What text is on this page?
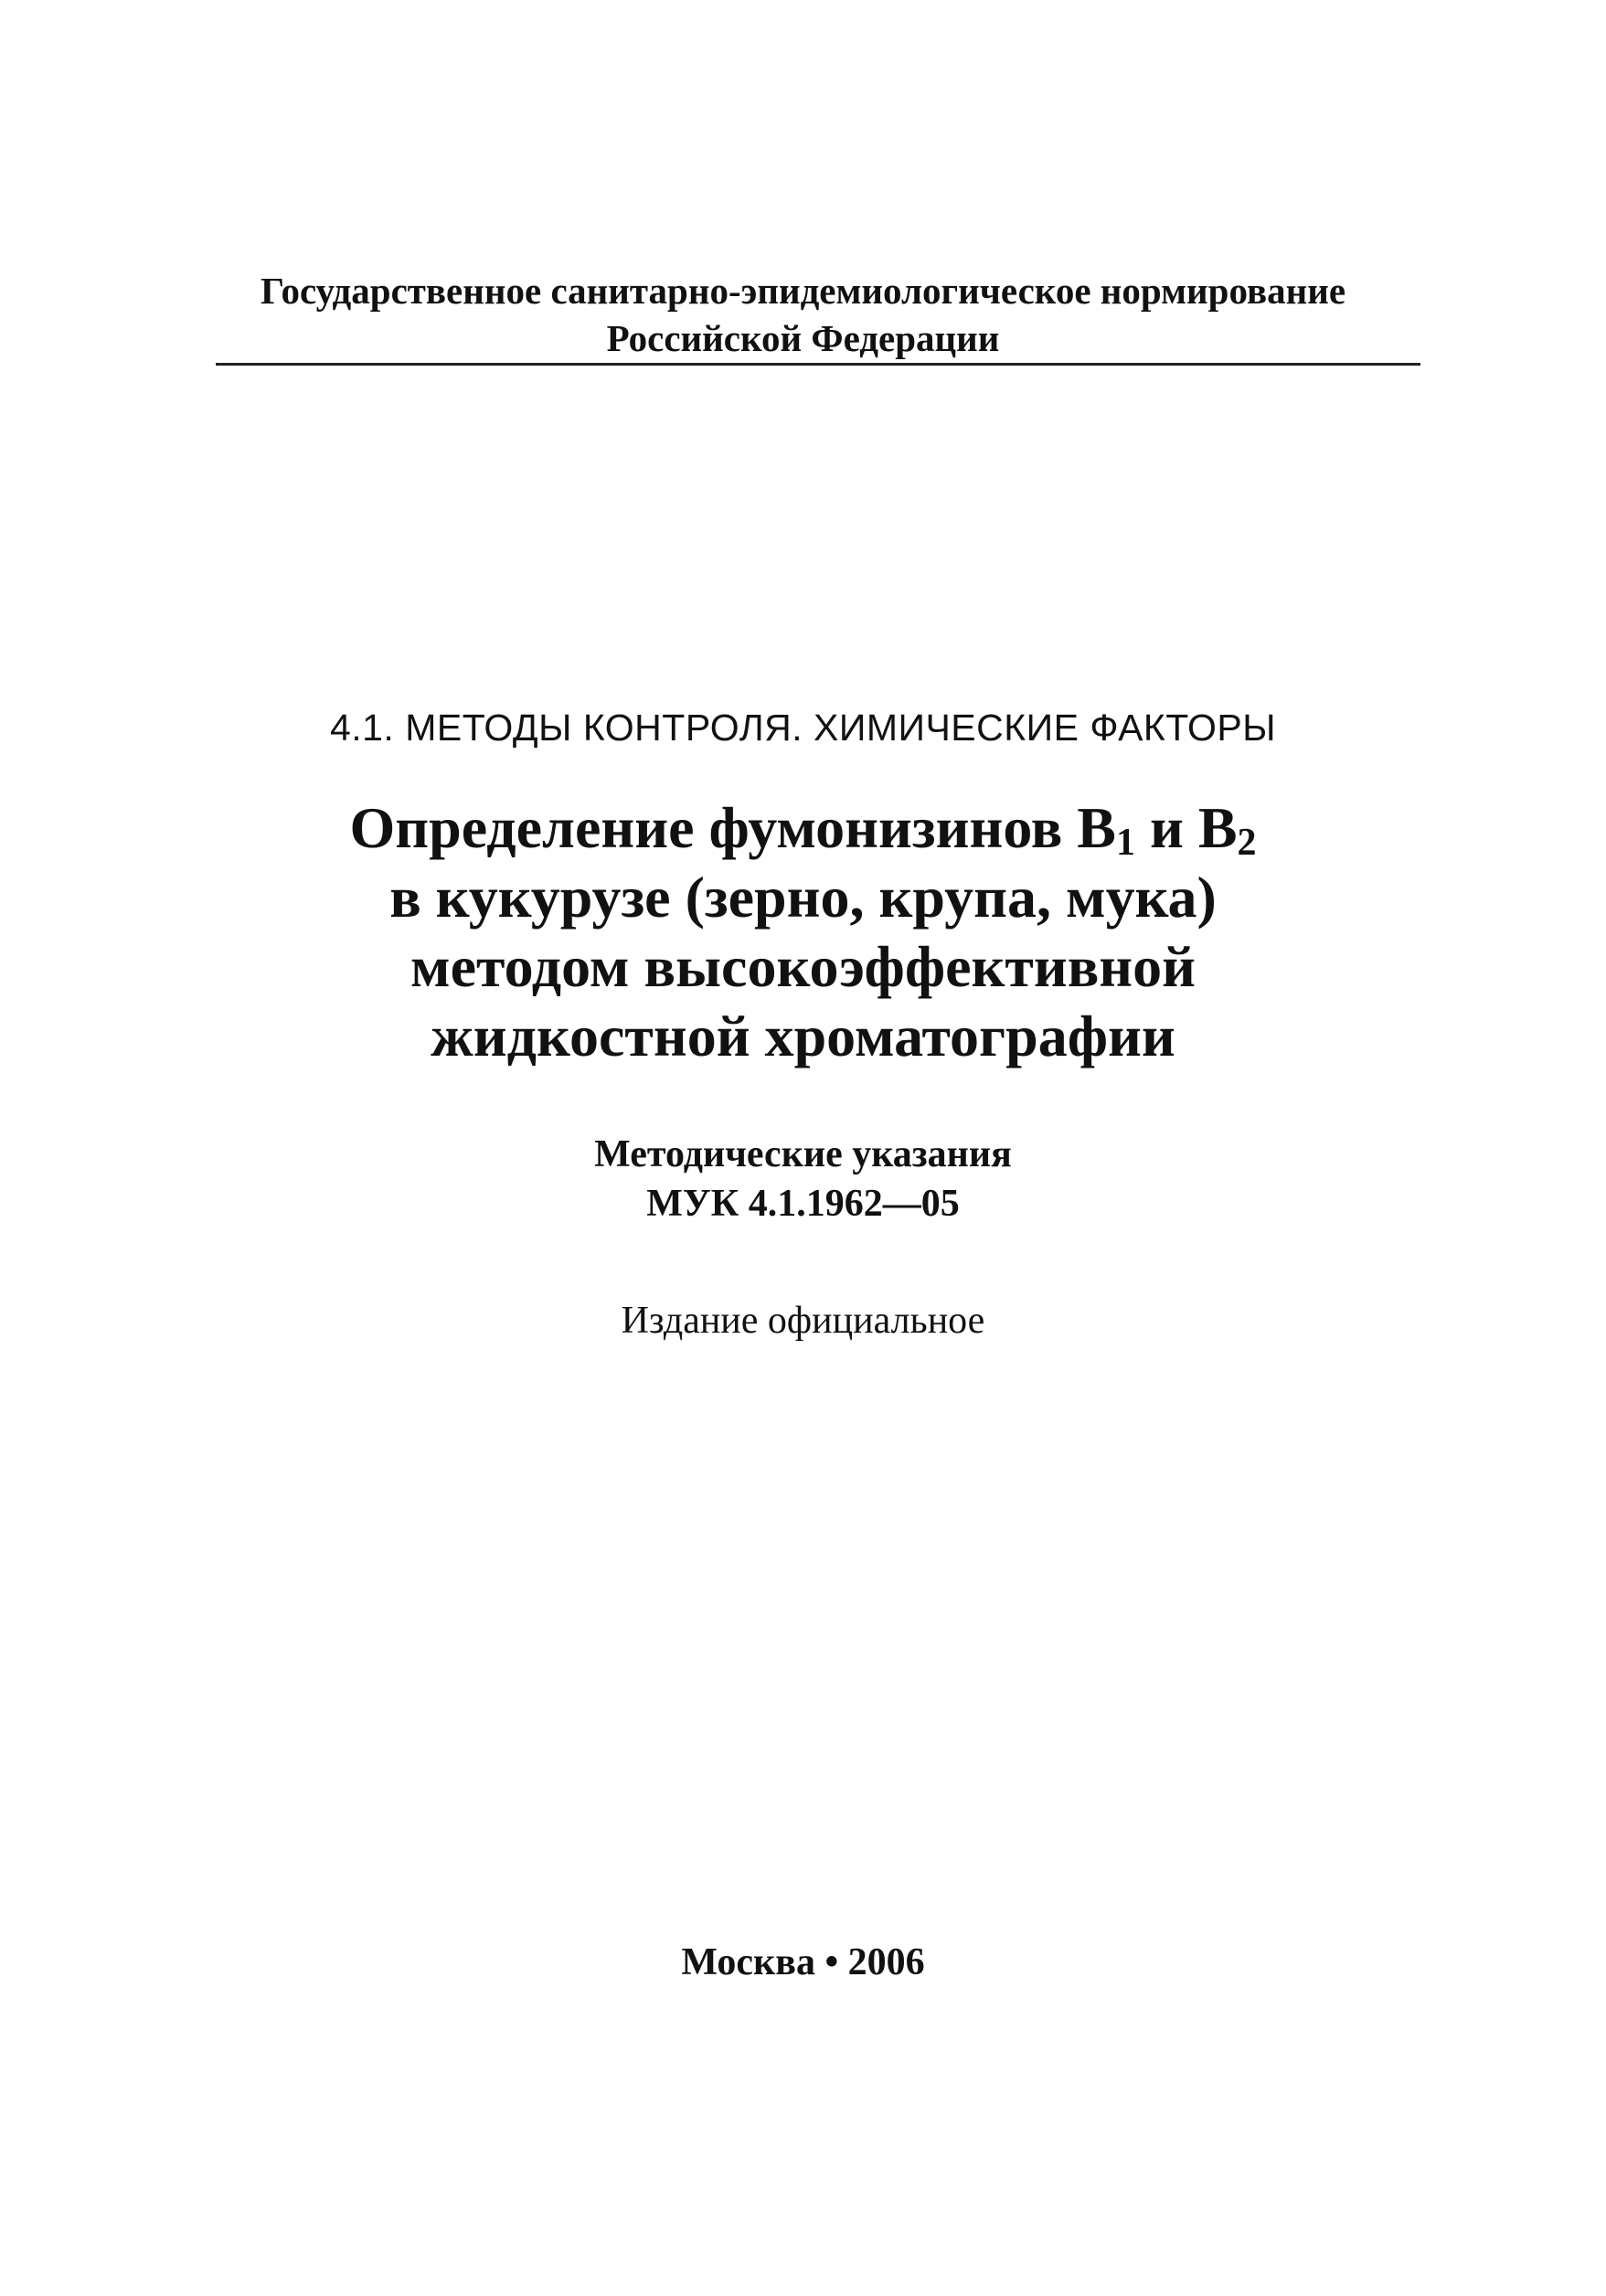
Государственное санитарно-эпидемиологическое нормирование
Российской Федерации
4.1. МЕТОДЫ КОНТРОЛЯ. ХИМИЧЕСКИЕ ФАКТОРЫ
Определение фумонизинов $В_1$ и $В_2$
в кукурузе (зерно, крупа, мука)
методом высокоэффективной
жидкостной хроматографии
Методические указания
МУК 4.1.1962—05
Издание официальное
Москва • 2006
